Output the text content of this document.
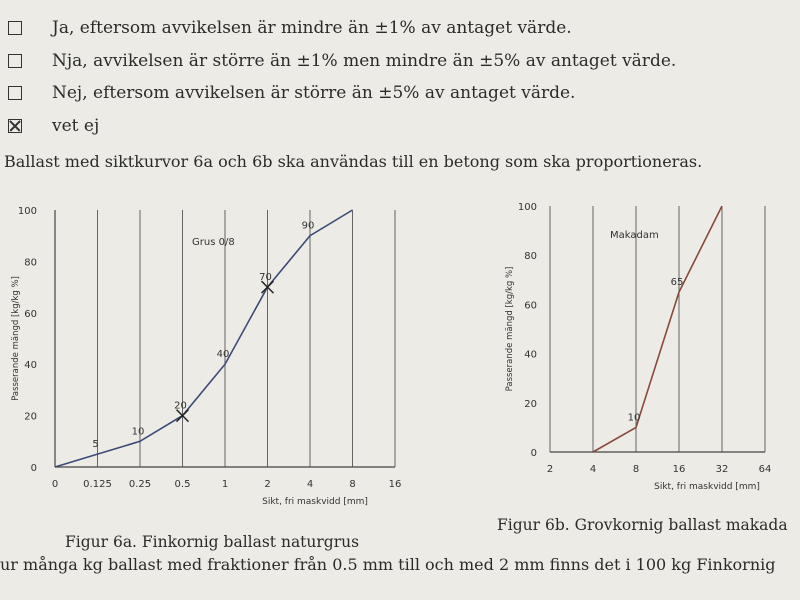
Ja, eftersom avvikelsen är mindre än ±1% av antaget värde.
Nja, avvikelsen är större än ±1% men mindre än ±5% av antaget värde.
Nej, eftersom avvikelsen är större än ±5% av antaget värde.
vet ej
Ballast med siktkurvor 6a och 6b ska användas till en betong som ska proportioneras.
0 0.125 0.25 0.5	1	2	4	8	16
0
20
40
60
80
100
Sikt, fri maskvidd [mm]
Passerande mängd [kg/kg %]
Grus 0/8
5
10
20
40
70
90
2	4	8	16	32	64
0
20
40
60
80
100
Sikt, fri maskvidd [mm]
Passerande mängd [kg/kg %]
Makadam
10
65
Figur 6a. Finkornig ballast naturgrus
Figur 6b. Grovkornig ballast makada
ur många kg ballast med fraktioner från 0.5 mm till och med 2 mm finns det i 100 kg Finkornig
